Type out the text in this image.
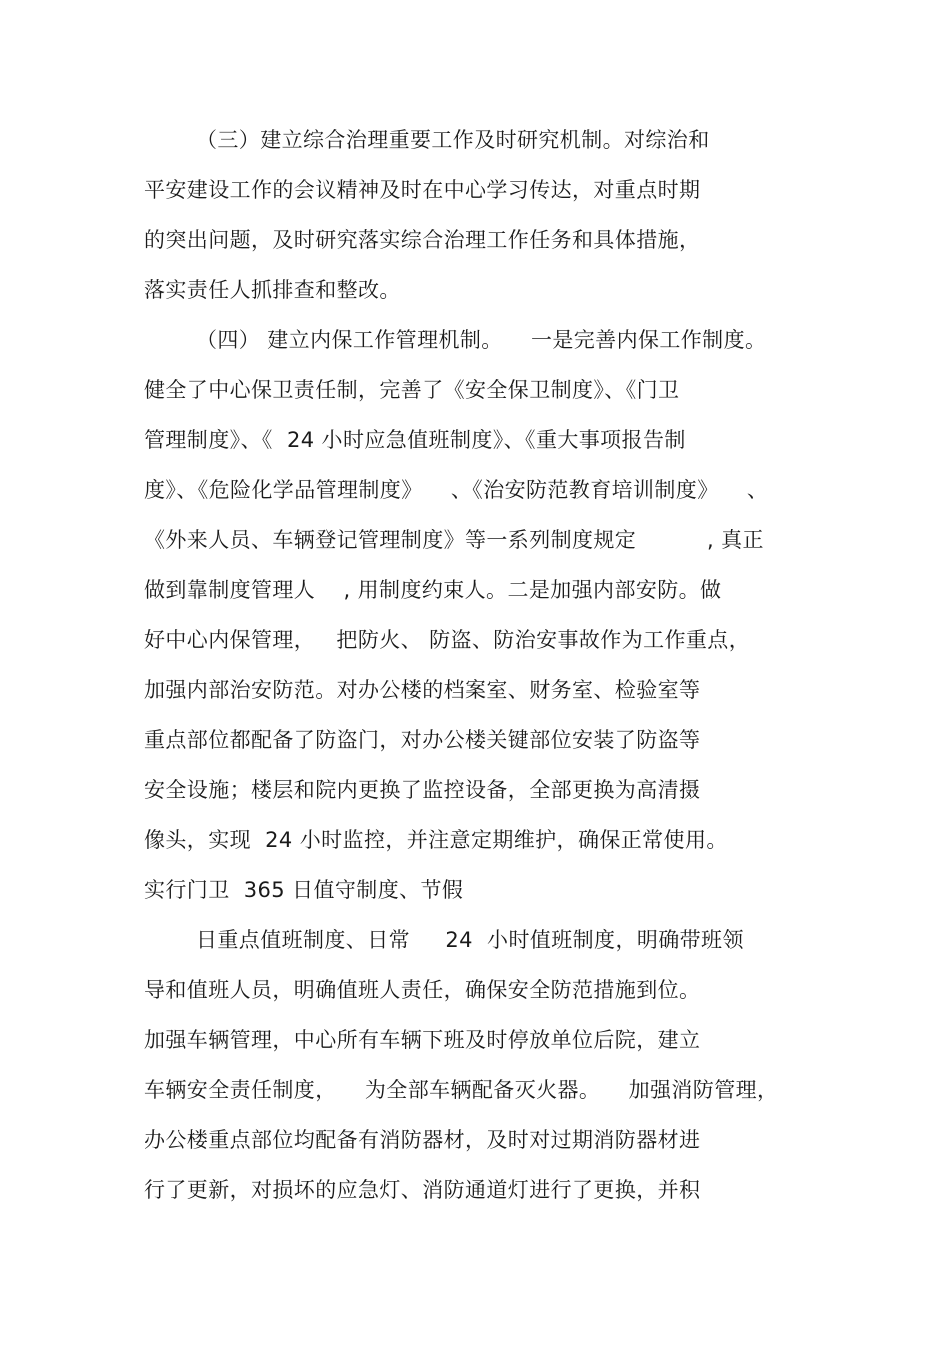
（三）建立综合治理重要工作及时研究机制。对综治和
平安建设工作的会议精神及时在中心学习传达，对重点时期
的突出问题，及时研究落实综合治理工作任务和具体措施，
落实责任人抓排查和整改。
（四） 建立内保工作管理机制。    一是完善内保工作制度。
健全了中心保卫责任制，完善了《安全保卫制度》、《门卫
管理制度》、《  24 小时应急值班制度》、《重大事项报告制
度》、《危险化学品管理制度》    、《治安防范教育培训制度》    、
《外来人员、车辆登记管理制度》等一系列制度规定          , 真正
做到靠制度管理人    , 用制度约束人。二是加强内部安防。做
好中心内保管理，   把防火、 防盗、防治安事故作为工作重点，
加强内部治安防范。对办公楼的档案室、财务室、检验室等
重点部位都配备了防盗门，对办公楼关键部位安装了防盗等
安全设施；楼层和院内更换了监控设备，全部更换为高清摄
像头，实现  24 小时监控，并注意定期维护，确保正常使用。
实行门卫  365 日值守制度、节假
日重点值班制度、日常     24  小时值班制度，明确带班领
导和值班人员，明确值班人责任，确保安全防范措施到位。
加强车辆管理，中心所有车辆下班及时停放单位后院，建立
车辆安全责任制度，    为全部车辆配备灭火器。    加强消防管理，
办公楼重点部位均配备有消防器材，及时对过期消防器材进
行了更新，对损坏的应急灯、消防通道灯进行了更换，并积
